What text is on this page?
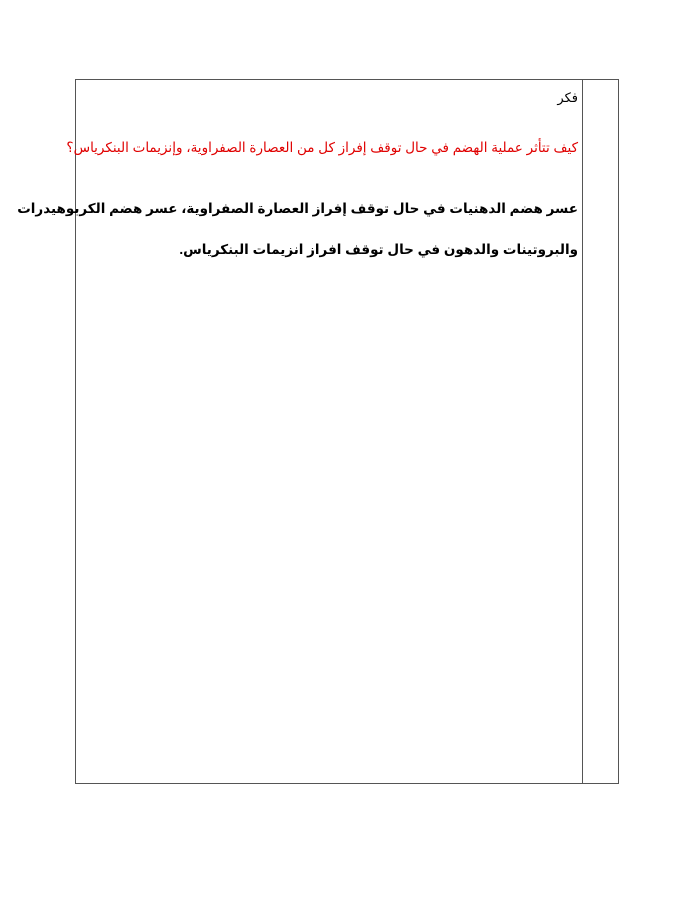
فكر
كيف تتأثر عملية الهضم في حال توقف إفراز كل من العصارة الصفراوية، وإنزيمات البنكرياس؟

عسر هضم الدهنيات في حال توقف إفراز العصارة الصفراوية، عسر هضم الكربوهيدرات

والبروتينات والدهون في حال توقف افراز انزيمات البنكرياس.
